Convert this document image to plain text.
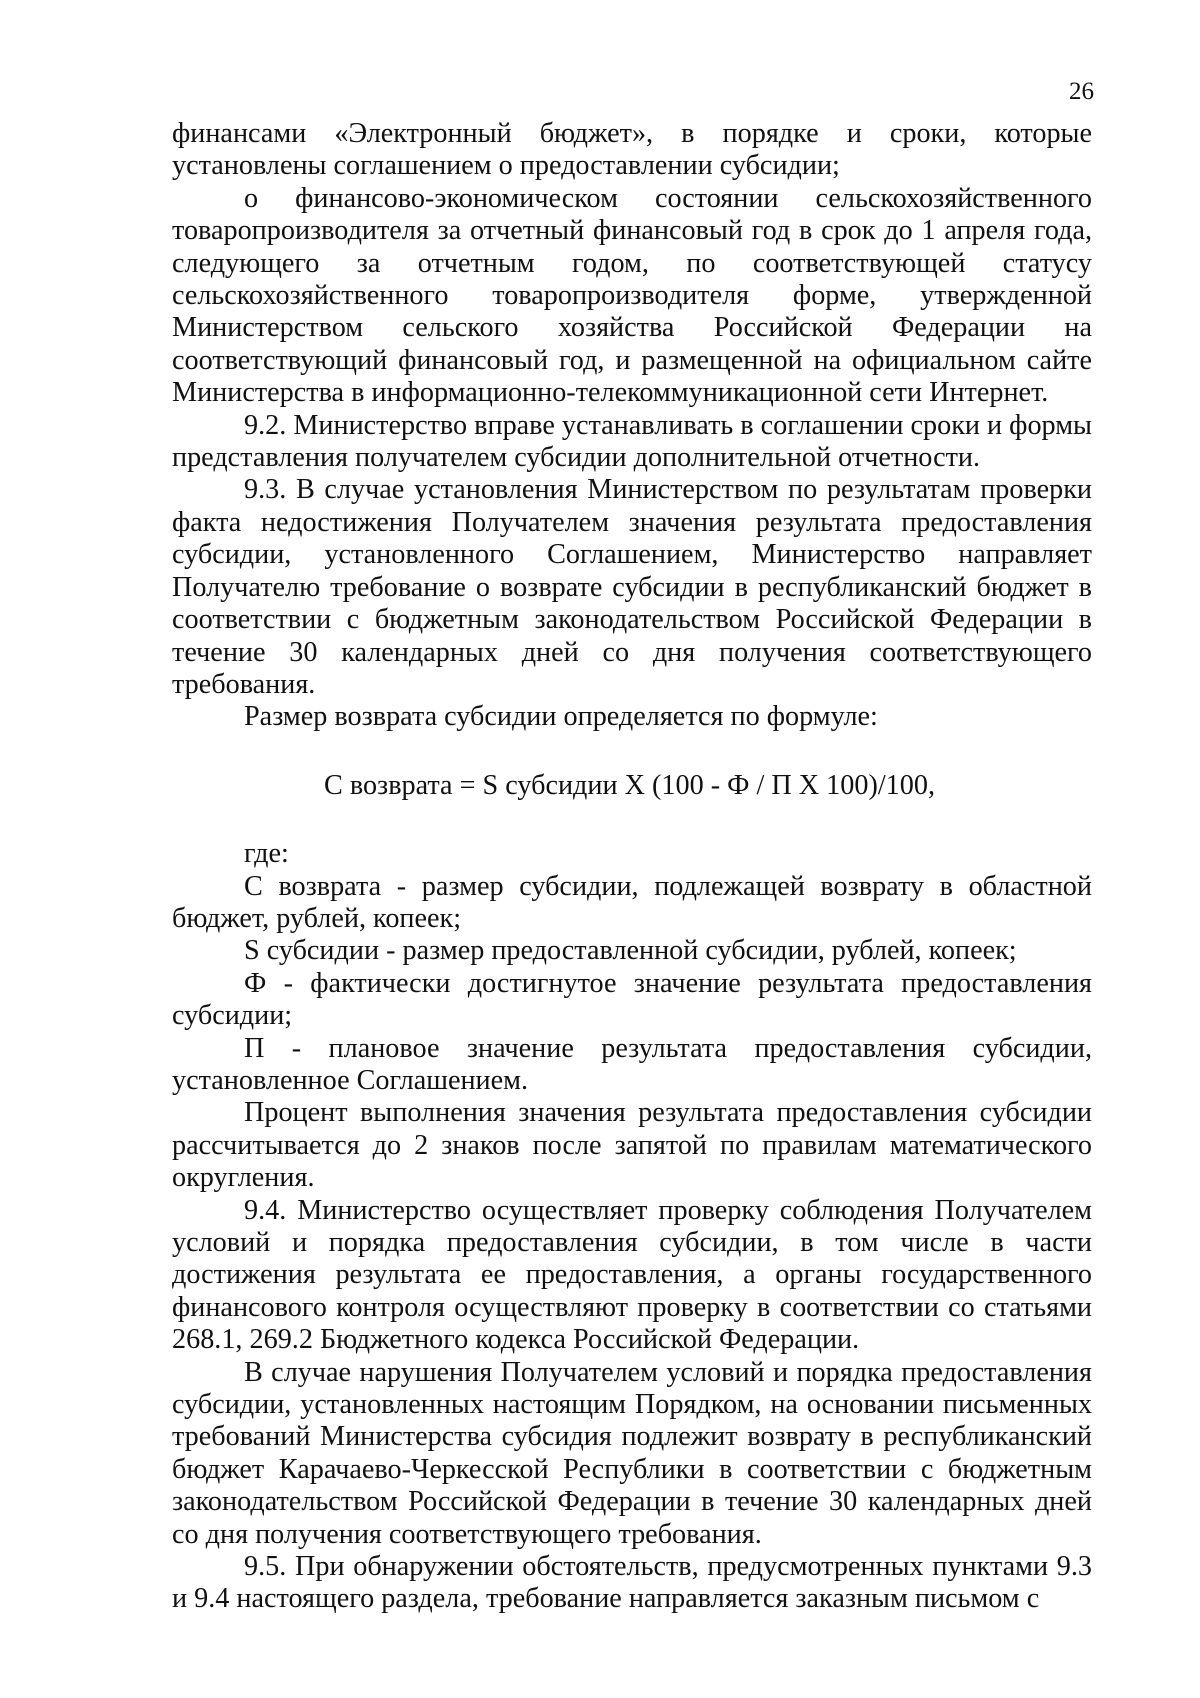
26

финансами «Электронный бюджет», в порядке и сроки, которые установлены соглашением о предоставлении субсидии;

о финансово-экономическом состоянии сельскохозяйственного товаропроизводителя за отчетный финансовый год в срок до 1 апреля года, следующего за отчетным годом, по соответствующей статусу сельскохозяйственного товаропроизводителя форме, утвержденной Министерством сельского хозяйства Российской Федерации на соответствующий финансовый год, и размещенной на официальном сайте Министерства в информационно-телекоммуникационной сети Интернет.

9.2. Министерство вправе устанавливать в соглашении сроки и формы представления получателем субсидии дополнительной отчетности.

9.3. В случае установления Министерством по результатам проверки факта недостижения Получателем значения результата предоставления субсидии, установленного Соглашением, Министерство направляет Получателю требование о возврате субсидии в республиканский бюджет в соответствии с бюджетным законодательством Российской Федерации в течение 30 календарных дней со дня получения соответствующего требования.

Размер возврата субсидии определяется по формуле:

С возврата = S субсидии Х (100 - Ф / П Х 100)/100,

где:

С возврата - размер субсидии, подлежащей возврату в областной бюджет, рублей, копеек;

S субсидии - размер предоставленной субсидии, рублей, копеек;

Ф - фактически достигнутое значение результата предоставления субсидии;

П - плановое значение результата предоставления субсидии, установленное Соглашением.

Процент выполнения значения результата предоставления субсидии рассчитывается до 2 знаков после запятой по правилам математического округления.

9.4. Министерство осуществляет проверку соблюдения Получателем условий и порядка предоставления субсидии, в том числе в части достижения результата ее предоставления, а органы государственного финансового контроля осуществляют проверку в соответствии со статьями 268.1, 269.2 Бюджетного кодекса Российской Федерации.

В случае нарушения Получателем условий и порядка предоставления субсидии, установленных настоящим Порядком, на основании письменных требований Министерства субсидия подлежит возврату в республиканский бюджет Карачаево-Черкесской Республики в соответствии с бюджетным законодательством Российской Федерации в течение 30 календарных дней со дня получения соответствующего требования.

9.5. При обнаружении обстоятельств, предусмотренных пунктами 9.3 и 9.4 настоящего раздела, требование направляется заказным письмом с
